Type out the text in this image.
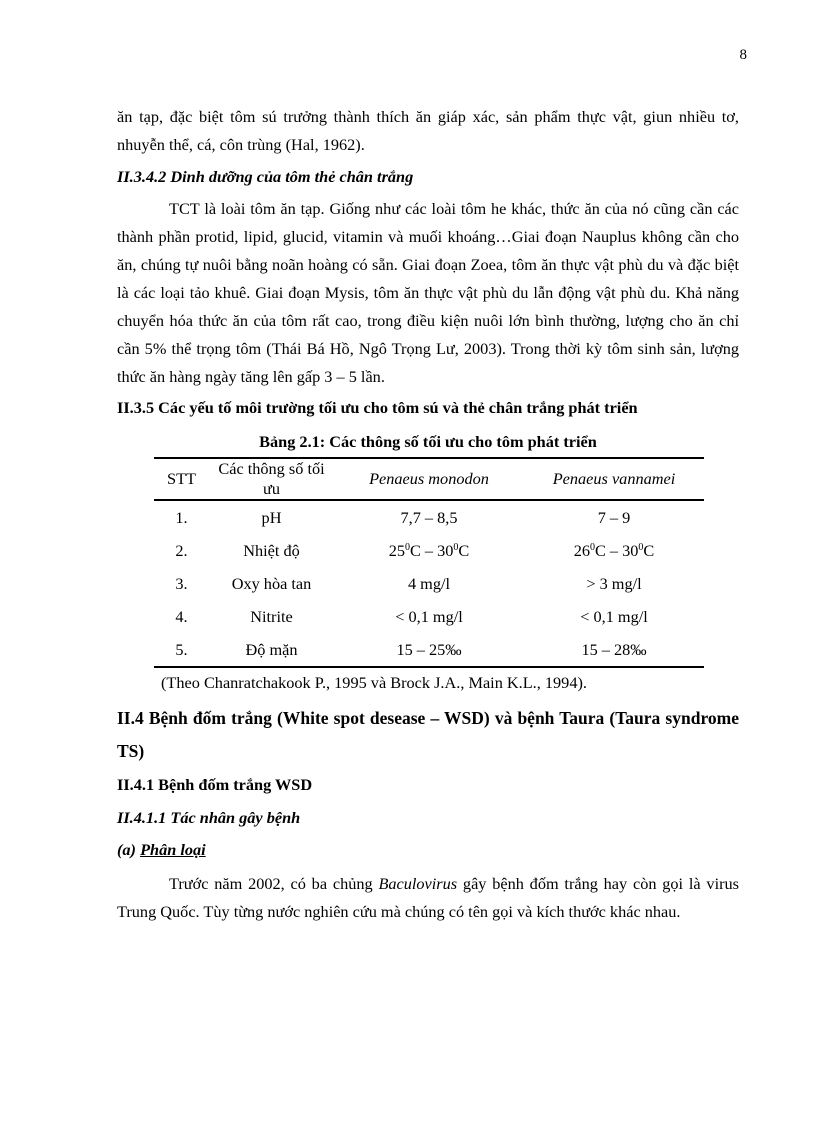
8

ăn tạp, đặc biệt tôm sú trưởng thành thích ăn giáp xác, sản phẩm thực vật, giun nhiều tơ, nhuyễn thể, cá, côn trùng (Hal, 1962).

II.3.4.2 Dinh dưỡng của tôm thẻ chân trắng

TCT là loài tôm ăn tạp. Giống như các loài tôm he khác, thức ăn của nó cũng cần các thành phần protid, lipid, glucid, vitamin và muối khoáng…Giai đoạn Nauplus không cần cho ăn, chúng tự nuôi bằng noãn hoàng có sẵn. Giai đoạn Zoea, tôm ăn thực vật phù du và đặc biệt là các loại tảo khuê. Giai đoạn Mysis, tôm ăn thực vật phù du lẫn động vật phù du. Khả năng chuyển hóa thức ăn của tôm rất cao, trong điều kiện nuôi lớn bình thường, lượng cho ăn chỉ cần 5% thể trọng tôm (Thái Bá Hồ, Ngô Trọng Lư, 2003). Trong thời kỳ tôm sinh sản, lượng thức ăn hàng ngày tăng lên gấp 3 – 5 lần.

II.3.5 Các yếu tố môi trường tối ưu cho tôm sú và thẻ chân trắng phát triển

Bảng 2.1: Các thông số tối ưu cho tôm phát triển
STT	Các thông số tối ưu	Penaeus monodon	Penaeus vannamei
1.	pH	7,7 – 8,5	7 – 9
2.	Nhiệt độ	$25^0C - 30^0C$	$26^0C - 30^0C$
3.	Oxy hòa tan	4 mg/l	> 3 mg/l
4.	Nitrite	< 0,1 mg/l	< 0,1 mg/l
5.	Độ mặn	15 – 25‰	15 – 28‰

(Theo Chanratchakook P., 1995 và Brock J.A., Main K.L., 1994).

II.4 Bệnh đốm trắng (White spot desease – WSD) và bệnh Taura (Taura syndrome TS)

II.4.1 Bệnh đốm trắng WSD

II.4.1.1 Tác nhân gây bệnh

(a) Phân loại

Trước năm 2002, có ba chủng Baculovirus gây bệnh đốm trắng hay còn gọi là virus Trung Quốc. Tùy từng nước nghiên cứu mà chúng có tên gọi và kích thước khác nhau.
